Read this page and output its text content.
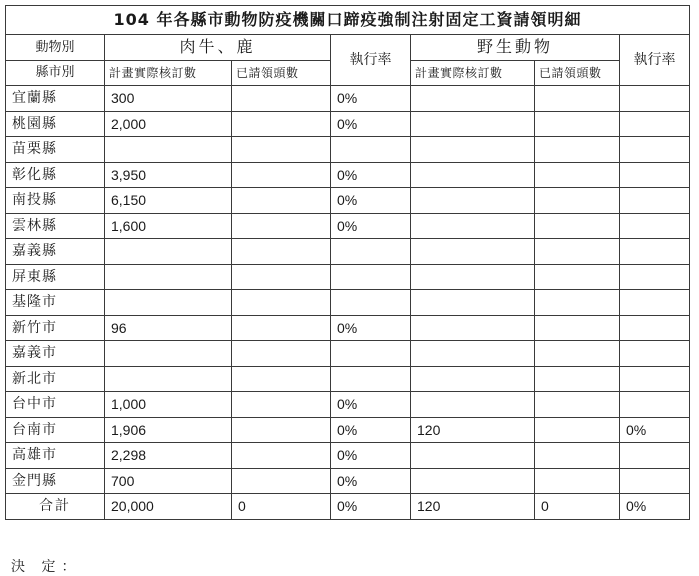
104 年各縣市動物防疫機關口蹄疫強制注射固定工資請領明細						
動物別	肉牛、鹿		執行率	野生動物		執行率
縣市別	計畫實際核訂數	已請領頭數		計畫實際核訂數	已請領頭數	
宜蘭縣	300		0%			
桃園縣	2,000		0%			
苗栗縣						
彰化縣	3,950		0%			
南投縣	6,150		0%			
雲林縣	1,600		0%			
嘉義縣						
屏東縣						
基隆市						
新竹市	96		0%			
嘉義市						
新北市						
台中市	1,000		0%			
台南市	1,906		0%	120		0%
高雄市	2,298		0%			
金門縣	700		0%			
合計	20,000	0	0%	120	0	0%
決 定：
